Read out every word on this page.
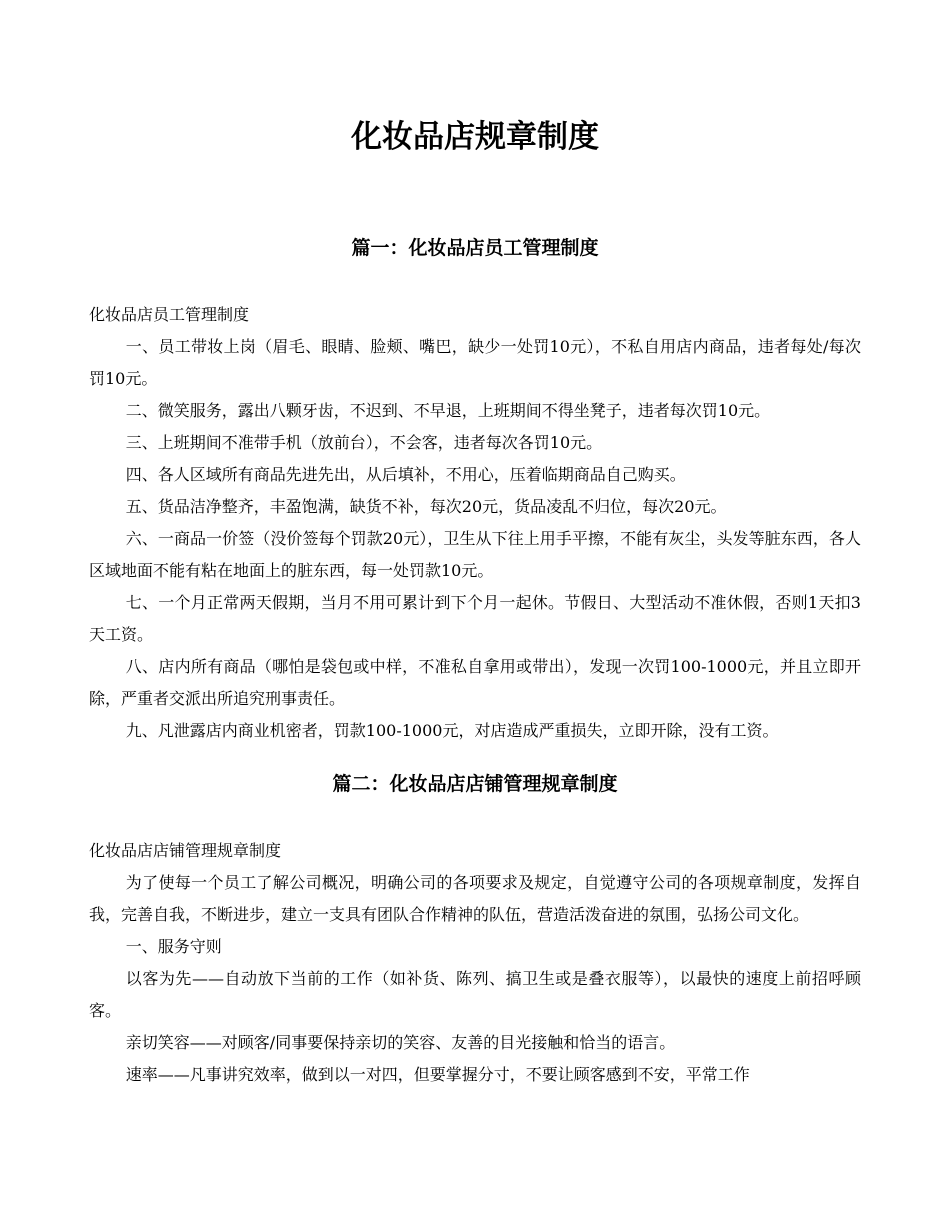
化妆品店规章制度
篇一：化妆品店员工管理制度

化妆品店员工管理制度

一、员工带妆上岗（眉毛、眼睛、脸颊、嘴巴，缺少一处罚10元），不私自用店内商品，违者每处/每次罚10元。

二、微笑服务，露出八颗牙齿，不迟到、不早退，上班期间不得坐凳子，违者每次罚10元。

三、上班期间不准带手机（放前台），不会客，违者每次各罚10元。

四、各人区域所有商品先进先出，从后填补，不用心，压着临期商品自己购买。

五、货品洁净整齐，丰盈饱满，缺货不补，每次20元，货品凌乱不归位，每次20元。

六、一商品一价签（没价签每个罚款20元），卫生从下往上用手平擦，不能有灰尘，头发等脏东西，各人区域地面不能有粘在地面上的脏东西，每一处罚款10元。

七、一个月正常两天假期，当月不用可累计到下个月一起休。节假日、大型活动不准休假，否则1天扣3天工资。

八、店内所有商品（哪怕是袋包或中样，不准私自拿用或带出），发现一次罚100-1000元，并且立即开除，严重者交派出所追究刑事责任。

九、凡泄露店内商业机密者，罚款100-1000元，对店造成严重损失，立即开除，没有工资。

篇二：化妆品店店铺管理规章制度

化妆品店店铺管理规章制度

为了使每一个员工了解公司概况，明确公司的各项要求及规定，自觉遵守公司的各项规章制度，发挥自我，完善自我，不断进步，建立一支具有团队合作精神的队伍，营造活泼奋进的氛围，弘扬公司文化。

一、服务守则

以客为先——自动放下当前的工作（如补货、陈列、搞卫生或是叠衣服等），以最快的速度上前招呼顾客。

亲切笑容——对顾客/同事要保持亲切的笑容、友善的目光接触和恰当的语言。

速率——凡事讲究效率，做到以一对四，但要掌握分寸，不要让顾客感到不安，平常工作
